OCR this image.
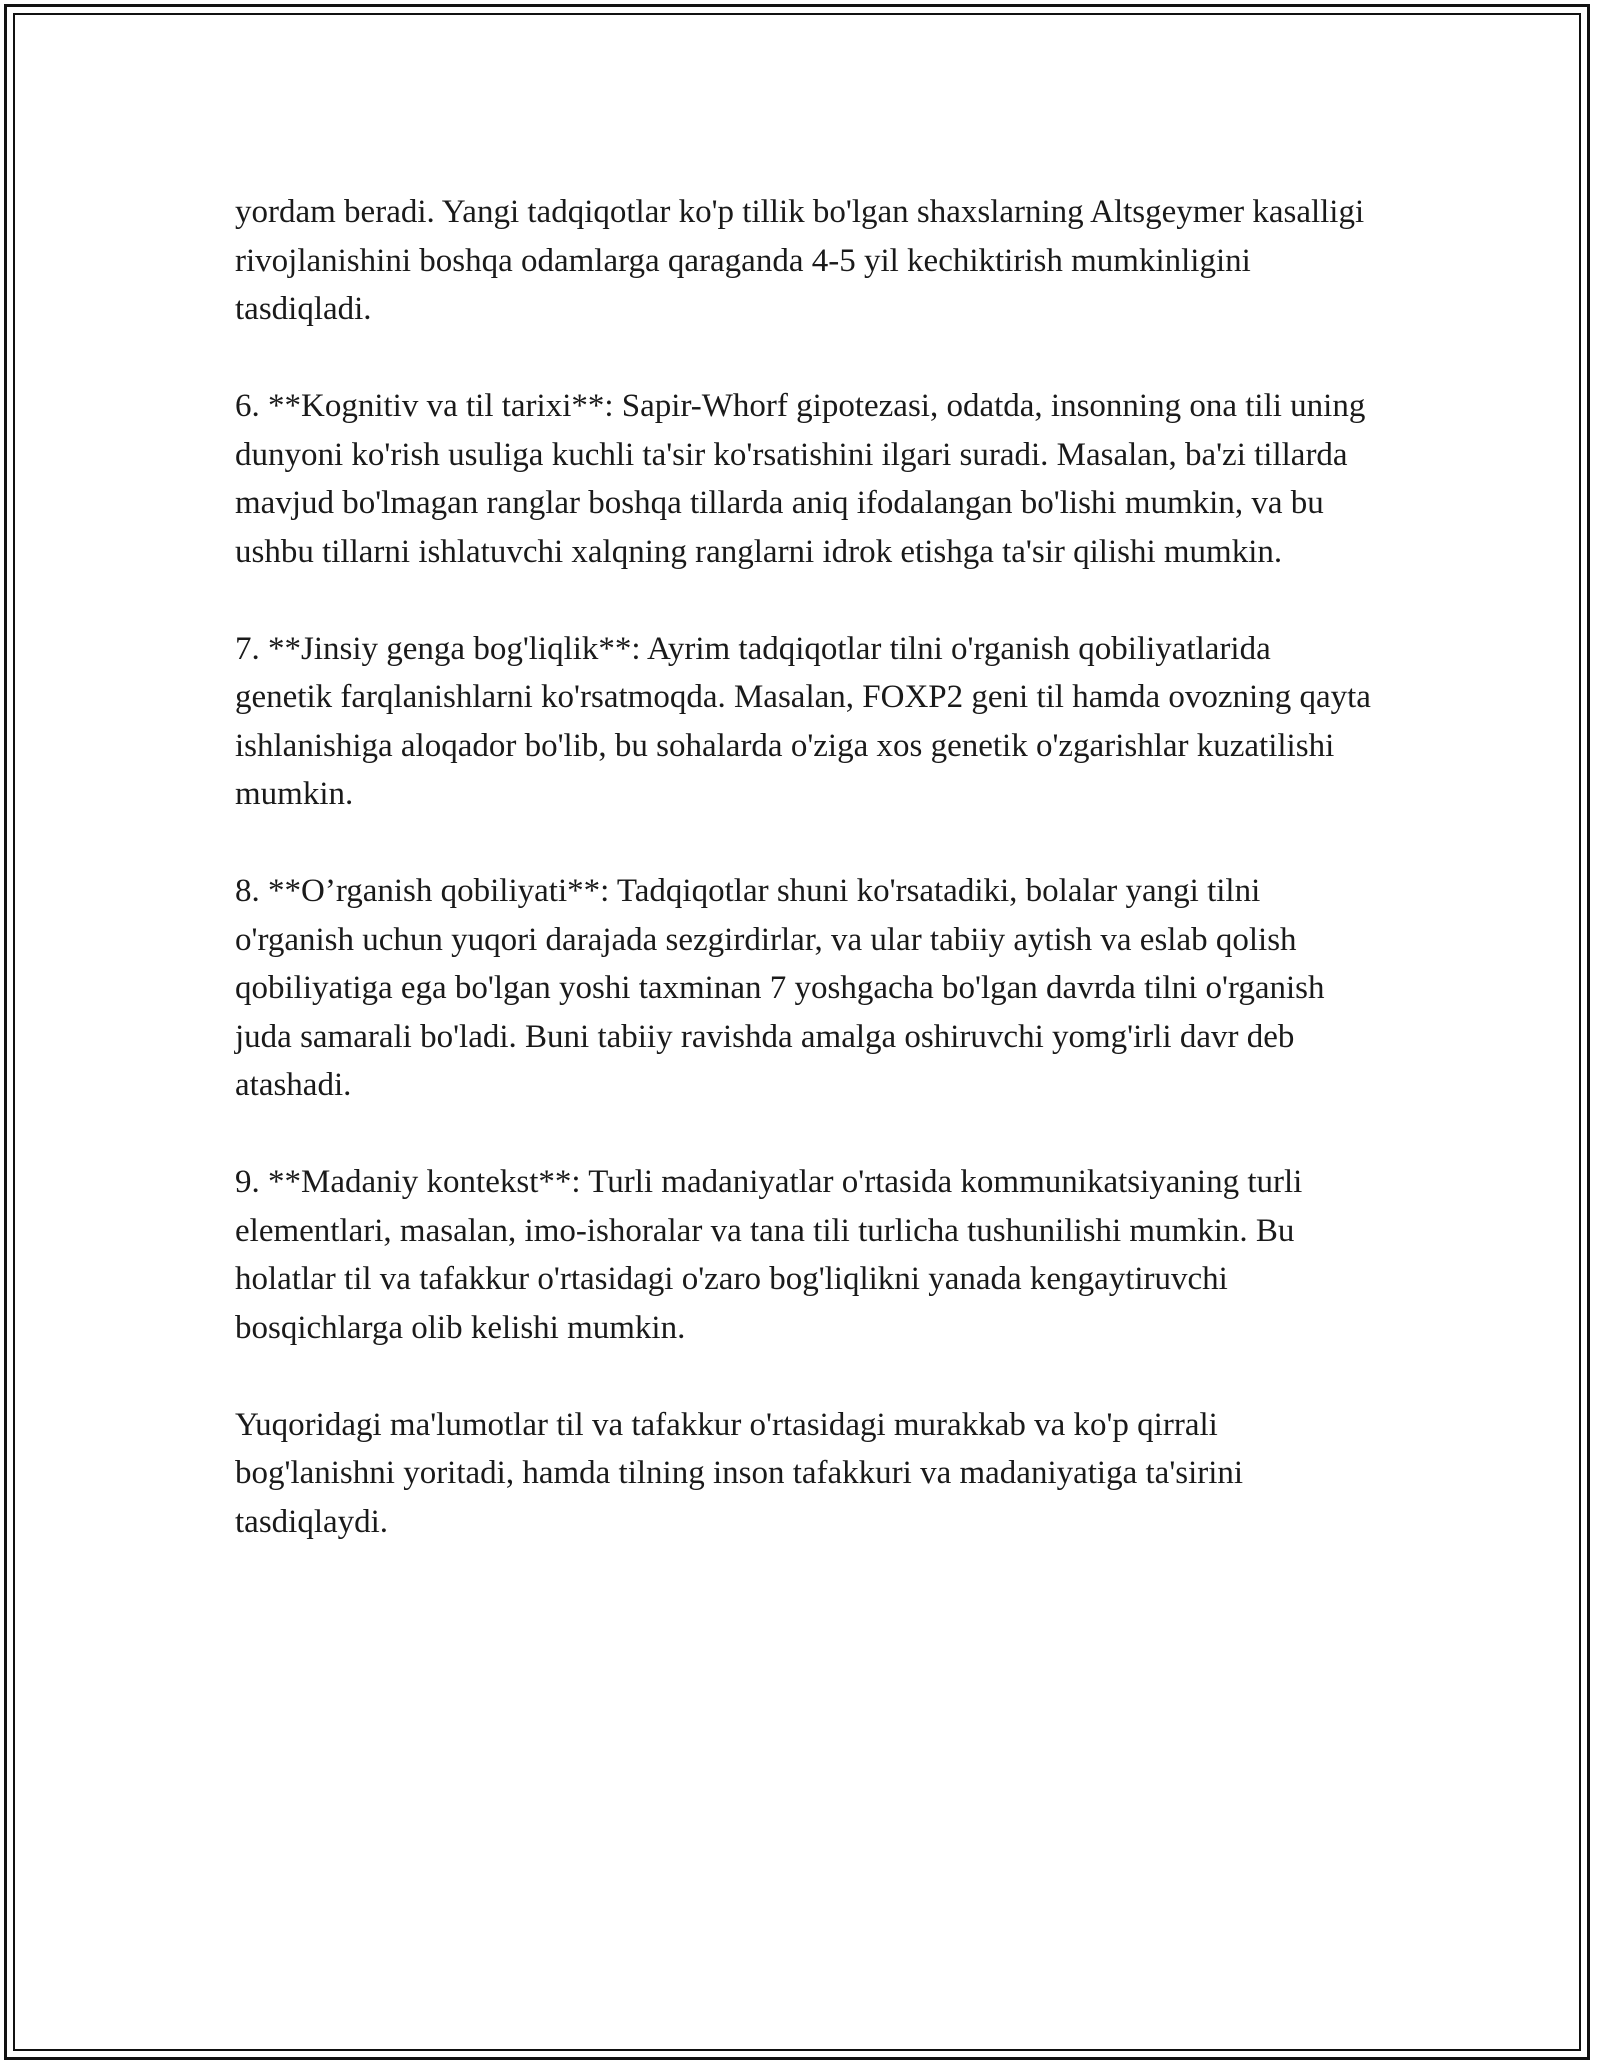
yordam beradi. Yangi tadqiqotlar ko'p tillik bo'lgan shaxslarning Altsgeymer kasalligi rivojlanishini boshqa odamlarga qaraganda 4-5 yil kechiktirish mumkinligini tasdiqladi.

6. **Kognitiv va til tarixi**: Sapir-Whorf gipotezasi, odatda, insonning ona tili uning dunyoni ko'rish usuliga kuchli ta'sir ko'rsatishini ilgari suradi. Masalan, ba'zi tillarda mavjud bo'lmagan ranglar boshqa tillarda aniq ifodalangan bo'lishi mumkin, va bu ushbu tillarni ishlatuvchi xalqning ranglarni idrok etishga ta'sir qilishi mumkin.

7. **Jinsiy genga bog'liqlik**: Ayrim tadqiqotlar tilni o'rganish qobiliyatlarida genetik farqlanishlarni ko'rsatmoqda. Masalan, FOXP2 geni til hamda ovozning qayta ishlanishiga aloqador bo'lib, bu sohalarda o'ziga xos genetik o'zgarishlar kuzatilishi mumkin.

8. **O’rganish qobiliyati**: Tadqiqotlar shuni ko'rsatadiki, bolalar yangi tilni o'rganish uchun yuqori darajada sezgirdirlar, va ular tabiiy aytish va eslab qolish qobiliyatiga ega bo'lgan yoshi taxminan 7 yoshgacha bo'lgan davrda tilni o'rganish juda samarali bo'ladi. Buni tabiiy ravishda amalga oshiruvchi yomg'irli davr deb atashadi.

9. **Madaniy kontekst**: Turli madaniyatlar o'rtasida kommunikatsiyaning turli elementlari, masalan, imo-ishoralar va tana tili turlicha tushunilishi mumkin. Bu holatlar til va tafakkur o'rtasidagi o'zaro bog'liqlikni yanada kengaytiruvchi bosqichlarga olib kelishi mumkin.

Yuqoridagi ma'lumotlar til va tafakkur o'rtasidagi murakkab va ko'p qirrali bog'lanishni yoritadi, hamda tilning inson tafakkuri va madaniyatiga ta'sirini tasdiqlaydi.
